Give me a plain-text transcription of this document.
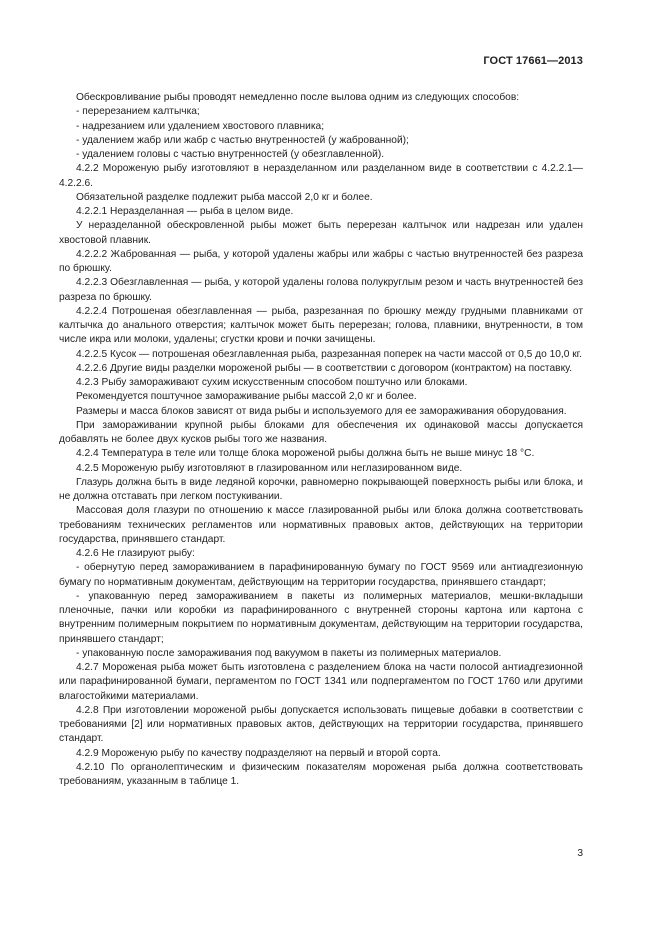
ГОСТ 17661—2013

Обескровливание рыбы проводят немедленно после вылова одним из следующих способов:

- перерезанием калтычка;

- надрезанием или удалением хвостового плавника;

- удалением жабр или жабр с частью внутренностей (у жаброванной);

- удалением головы с частью внутренностей (у обезглавленной).

4.2.2 Мороженую рыбу изготовляют в неразделанном или разделанном виде в соответствии с 4.2.2.1—4.2.2.6.

Обязательной разделке подлежит рыба массой 2,0 кг и более.

4.2.2.1 Неразделанная — рыба в целом виде.

У неразделанной обескровленной рыбы может быть перерезан калтычок или надрезан или удален хвостовой плавник.

4.2.2.2 Жаброванная — рыба, у которой удалены жабры или жабры с частью внутренностей без разреза по брюшку.

4.2.2.3 Обезглавленная — рыба, у которой удалены голова полукруглым резом и часть внутренностей без разреза по брюшку.

4.2.2.4 Потрошеная обезглавленная — рыба, разрезанная по брюшку между грудными плавниками от калтычка до анального отверстия; калтычок может быть перерезан; голова, плавники, внутренности, в том числе икра или молоки, удалены; сгустки крови и почки зачищены.

4.2.2.5 Кусок — потрошеная обезглавленная рыба, разрезанная поперек на части массой от 0,5 до 10,0 кг.

4.2.2.6 Другие виды разделки мороженой рыбы — в соответствии с договором (контрактом) на поставку.

4.2.3 Рыбу замораживают сухим искусственным способом поштучно или блоками.

Рекомендуется поштучное замораживание рыбы массой 2,0 кг и более.

Размеры и масса блоков зависят от вида рыбы и используемого для ее замораживания оборудования.

При замораживании крупной рыбы блоками для обеспечения их одинаковой массы допускается добавлять не более двух кусков рыбы того же названия.

4.2.4 Температура в теле или толще блока мороженой рыбы должна быть не выше минус 18 °С.

4.2.5 Мороженую рыбу изготовляют в глазированном или неглазированном виде.

Глазурь должна быть в виде ледяной корочки, равномерно покрывающей поверхность рыбы или блока, и не должна отставать при легком постукивании.

Массовая доля глазури по отношению к массе глазированной рыбы или блока должна соответствовать требованиям технических регламентов или нормативных правовых актов, действующих на территории государства, принявшего стандарт.

4.2.6 Не глазируют рыбу:

- обернутую перед замораживанием в парафинированную бумагу по ГОСТ 9569 или антиадгезионную бумагу по нормативным документам, действующим на территории государства, принявшего стандарт;

- упакованную перед замораживанием в пакеты из полимерных материалов, мешки-вкладыши пленочные, пачки или коробки из парафинированного с внутренней стороны картона или картона с внутренним полимерным покрытием по нормативным документам, действующим на территории государства, принявшего стандарт;

- упакованную после замораживания под вакуумом в пакеты из полимерных материалов.

4.2.7 Мороженая рыба может быть изготовлена с разделением блока на части полосой антиадгезионной или парафинированной бумаги, пергаментом по ГОСТ 1341 или подпергаментом по ГОСТ 1760 или другими влагостойкими материалами.

4.2.8 При изготовлении мороженой рыбы допускается использовать пищевые добавки в соответствии с требованиями [2] или нормативных правовых актов, действующих на территории государства, принявшего стандарт.

4.2.9 Мороженую рыбу по качеству подразделяют на первый и второй сорта.

4.2.10 По органолептическим и физическим показателям мороженая рыба должна соответствовать требованиям, указанным в таблице 1.

3
